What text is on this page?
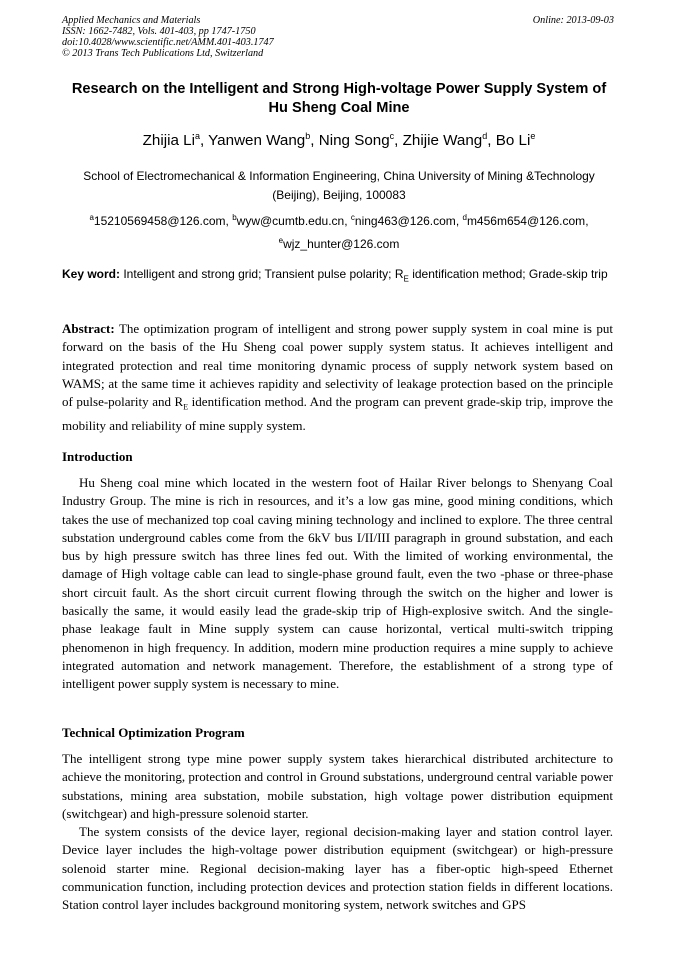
Applied Mechanics and Materials
ISSN: 1662-7482, Vols. 401-403, pp 1747-1750
doi:10.4028/www.scientific.net/AMM.401-403.1747
© 2013 Trans Tech Publications Ltd, Switzerland
Online: 2013-09-03
Research on the Intelligent and Strong High-voltage Power Supply System of Hu Sheng Coal Mine
Zhijia Li$^a$, Yanwen Wang$^b$, Ning Song$^c$, Zhijie Wang$^d$, Bo Li$^e$
School of Electromechanical & Information Engineering, China University of Mining &Technology (Beijing), Beijing, 100083
$^a$15210569458@126.com, $^b$wyw@cumtb.edu.cn, $^c$ning463@126.com, $^d$m456m654@126.com,
$^e$wjz_hunter@126.com
Key word: Intelligent and strong grid; Transient pulse polarity; $R_E$ identification method; Grade-skip trip
Abstract: The optimization program of intelligent and strong power supply system in coal mine is put forward on the basis of the Hu Sheng coal power supply system status. It achieves intelligent and integrated protection and real time monitoring dynamic process of supply network system based on WAMS; at the same time it achieves rapidity and selectivity of leakage protection based on the principle of pulse-polarity and $R_E$ identification method. And the program can prevent grade-skip trip, improve the mobility and reliability of mine supply system.
Introduction

Hu Sheng coal mine which located in the western foot of Hailar River belongs to Shenyang Coal Industry Group. The mine is rich in resources, and it’s a low gas mine, good mining conditions, which takes the use of mechanized top coal caving mining technology and inclined to explore. The three central substation underground cables come from the 6kV bus I/II/III paragraph in ground substation, and each bus by high pressure switch has three lines fed out. With the limited of working environmental, the damage of High voltage cable can lead to single-phase ground fault, even the two -phase or three-phase short circuit fault. As the short circuit current flowing through the switch on the higher and lower is basically the same, it would easily lead the grade-skip trip of High-explosive switch. And the single-phase leakage fault in Mine supply system can cause horizontal, vertical multi-switch tripping phenomenon in high frequency. In addition, modern mine production requires a mine supply to achieve integrated automation and network management. Therefore, the establishment of a strong type of intelligent power supply system is necessary to mine.

Technical Optimization Program

The intelligent strong type mine power supply system takes hierarchical distributed architecture to achieve the monitoring, protection and control in Ground substations, underground central variable power substations, mining area substation, mobile substation, high voltage power distribution equipment (switchgear) and high-pressure solenoid starter.

The system consists of the device layer, regional decision-making layer and station control layer. Device layer includes the high-voltage power distribution equipment (switchgear) or high-pressure solenoid starter mine. Regional decision-making layer has a fiber-optic high-speed Ethernet communication function, including protection devices and protection station fields in different locations. Station control layer includes background monitoring system, network switches and GPS
